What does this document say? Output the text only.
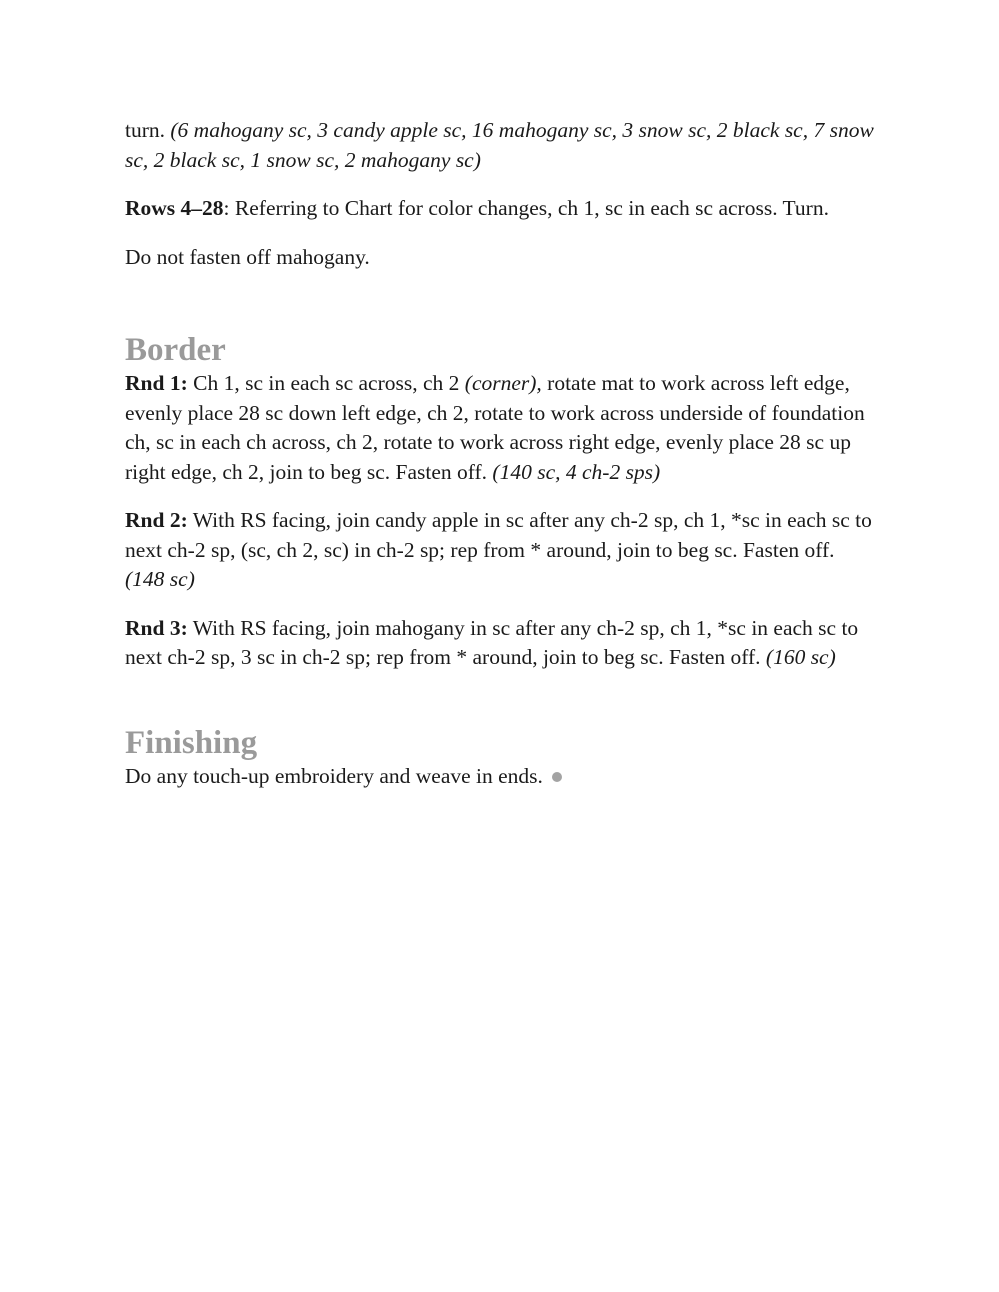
turn. (6 mahogany sc, 3 candy apple sc, 16 mahogany sc, 3 snow sc, 2 black sc, 7 snow sc, 2 black sc, 1 snow sc, 2 mahogany sc)

Rows 4–28: Referring to Chart for color changes, ch 1, sc in each sc across. Turn.

Do not fasten off mahogany.

Border

Rnd 1: Ch 1, sc in each sc across, ch 2 (corner), rotate mat to work across left edge, evenly place 28 sc down left edge, ch 2, rotate to work across underside of foundation ch, sc in each ch across, ch 2, rotate to work across right edge, evenly place 28 sc up right edge, ch 2, join to beg sc. Fasten off. (140 sc, 4 ch-2 sps)

Rnd 2: With RS facing, join candy apple in sc after any ch-2 sp, ch 1, *sc in each sc to next ch-2 sp, (sc, ch 2, sc) in ch-2 sp; rep from * around, join to beg sc. Fasten off. (148 sc)

Rnd 3: With RS facing, join mahogany in sc after any ch-2 sp, ch 1, *sc in each sc to next ch-2 sp, 3 sc in ch-2 sp; rep from * around, join to beg sc. Fasten off. (160 sc)

Finishing

Do any touch-up embroidery and weave in ends.
